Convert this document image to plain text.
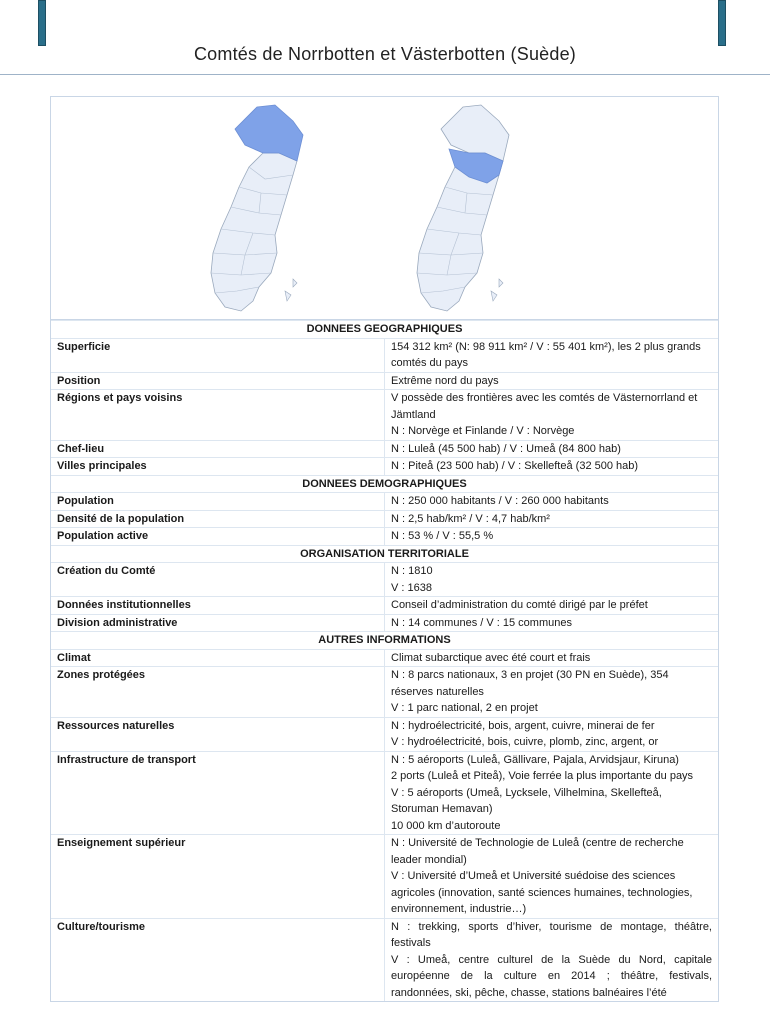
Comtés de Norrbotten et Västerbotten (Suède)
DONNEES GEOGRAPHIQUES	
Superficie	154 312 km² (N: 98 911 km² / V : 55 401 km²), les 2 plus grands comtés du pays
Position	Extrême nord du pays
Régions et pays voisins	V possède des frontières avec les comtés de Västernorrland et Jämtland
N : Norvège et Finlande / V : Norvège

Chef-lieu	N : Luleå (45 500 hab) / V : Umeå (84 800 hab)
Villes principales	N : Piteå (23 500 hab) / V : Skellefteå (32 500 hab)
DONNEES DEMOGRAPHIQUES	
Population	N : 250 000 habitants / V : 260 000 habitants
Densité de la population	N : 2,5 hab/km² / V : 4,7 hab/km²
Population active	N : 53 % / V : 55,5 %
ORGANISATION TERRITORIALE	
Création du Comté	N : 1810
V : 1638

Données institutionnelles	Conseil d’administration du comté dirigé par le préfet
Division administrative	N : 14 communes / V : 15 communes
AUTRES INFORMATIONS	
Climat	Climat subarctique avec été court et frais
Zones protégées	N : 8 parcs nationaux, 3 en projet (30 PN en Suède), 354 réserves naturelles
V : 1 parc national, 2 en projet

Ressources naturelles	N : hydroélectricité, bois, argent, cuivre, minerai de fer
V : hydroélectricité, bois, cuivre, plomb, zinc, argent, or

Infrastructure de transport	N : 5 aéroports (Luleå, Gällivare, Pajala, Arvidsjaur, Kiruna)
2 ports (Luleå et Piteå), Voie ferrée la plus importante du pays
V : 5 aéroports (Umeå, Lycksele, Vilhelmina, Skellefteå, Storuman Hemavan)
10 000 km d’autoroute

Enseignement supérieur	N : Université de Technologie de Luleå (centre de recherche leader mondial)
V : Université d’Umeå et Université suédoise des sciences agricoles (innovation, santé sciences humaines, technologies, environnement, industrie…)

Culture/tourisme	N : trekking, sports d’hiver, tourisme de montage, théâtre, festivals
V : Umeå, centre culturel de la Suède du Nord, capitale européenne de la culture en 2014 ; théâtre, festivals, randonnées, ski, pêche, chasse, stations balnéaires l’été
